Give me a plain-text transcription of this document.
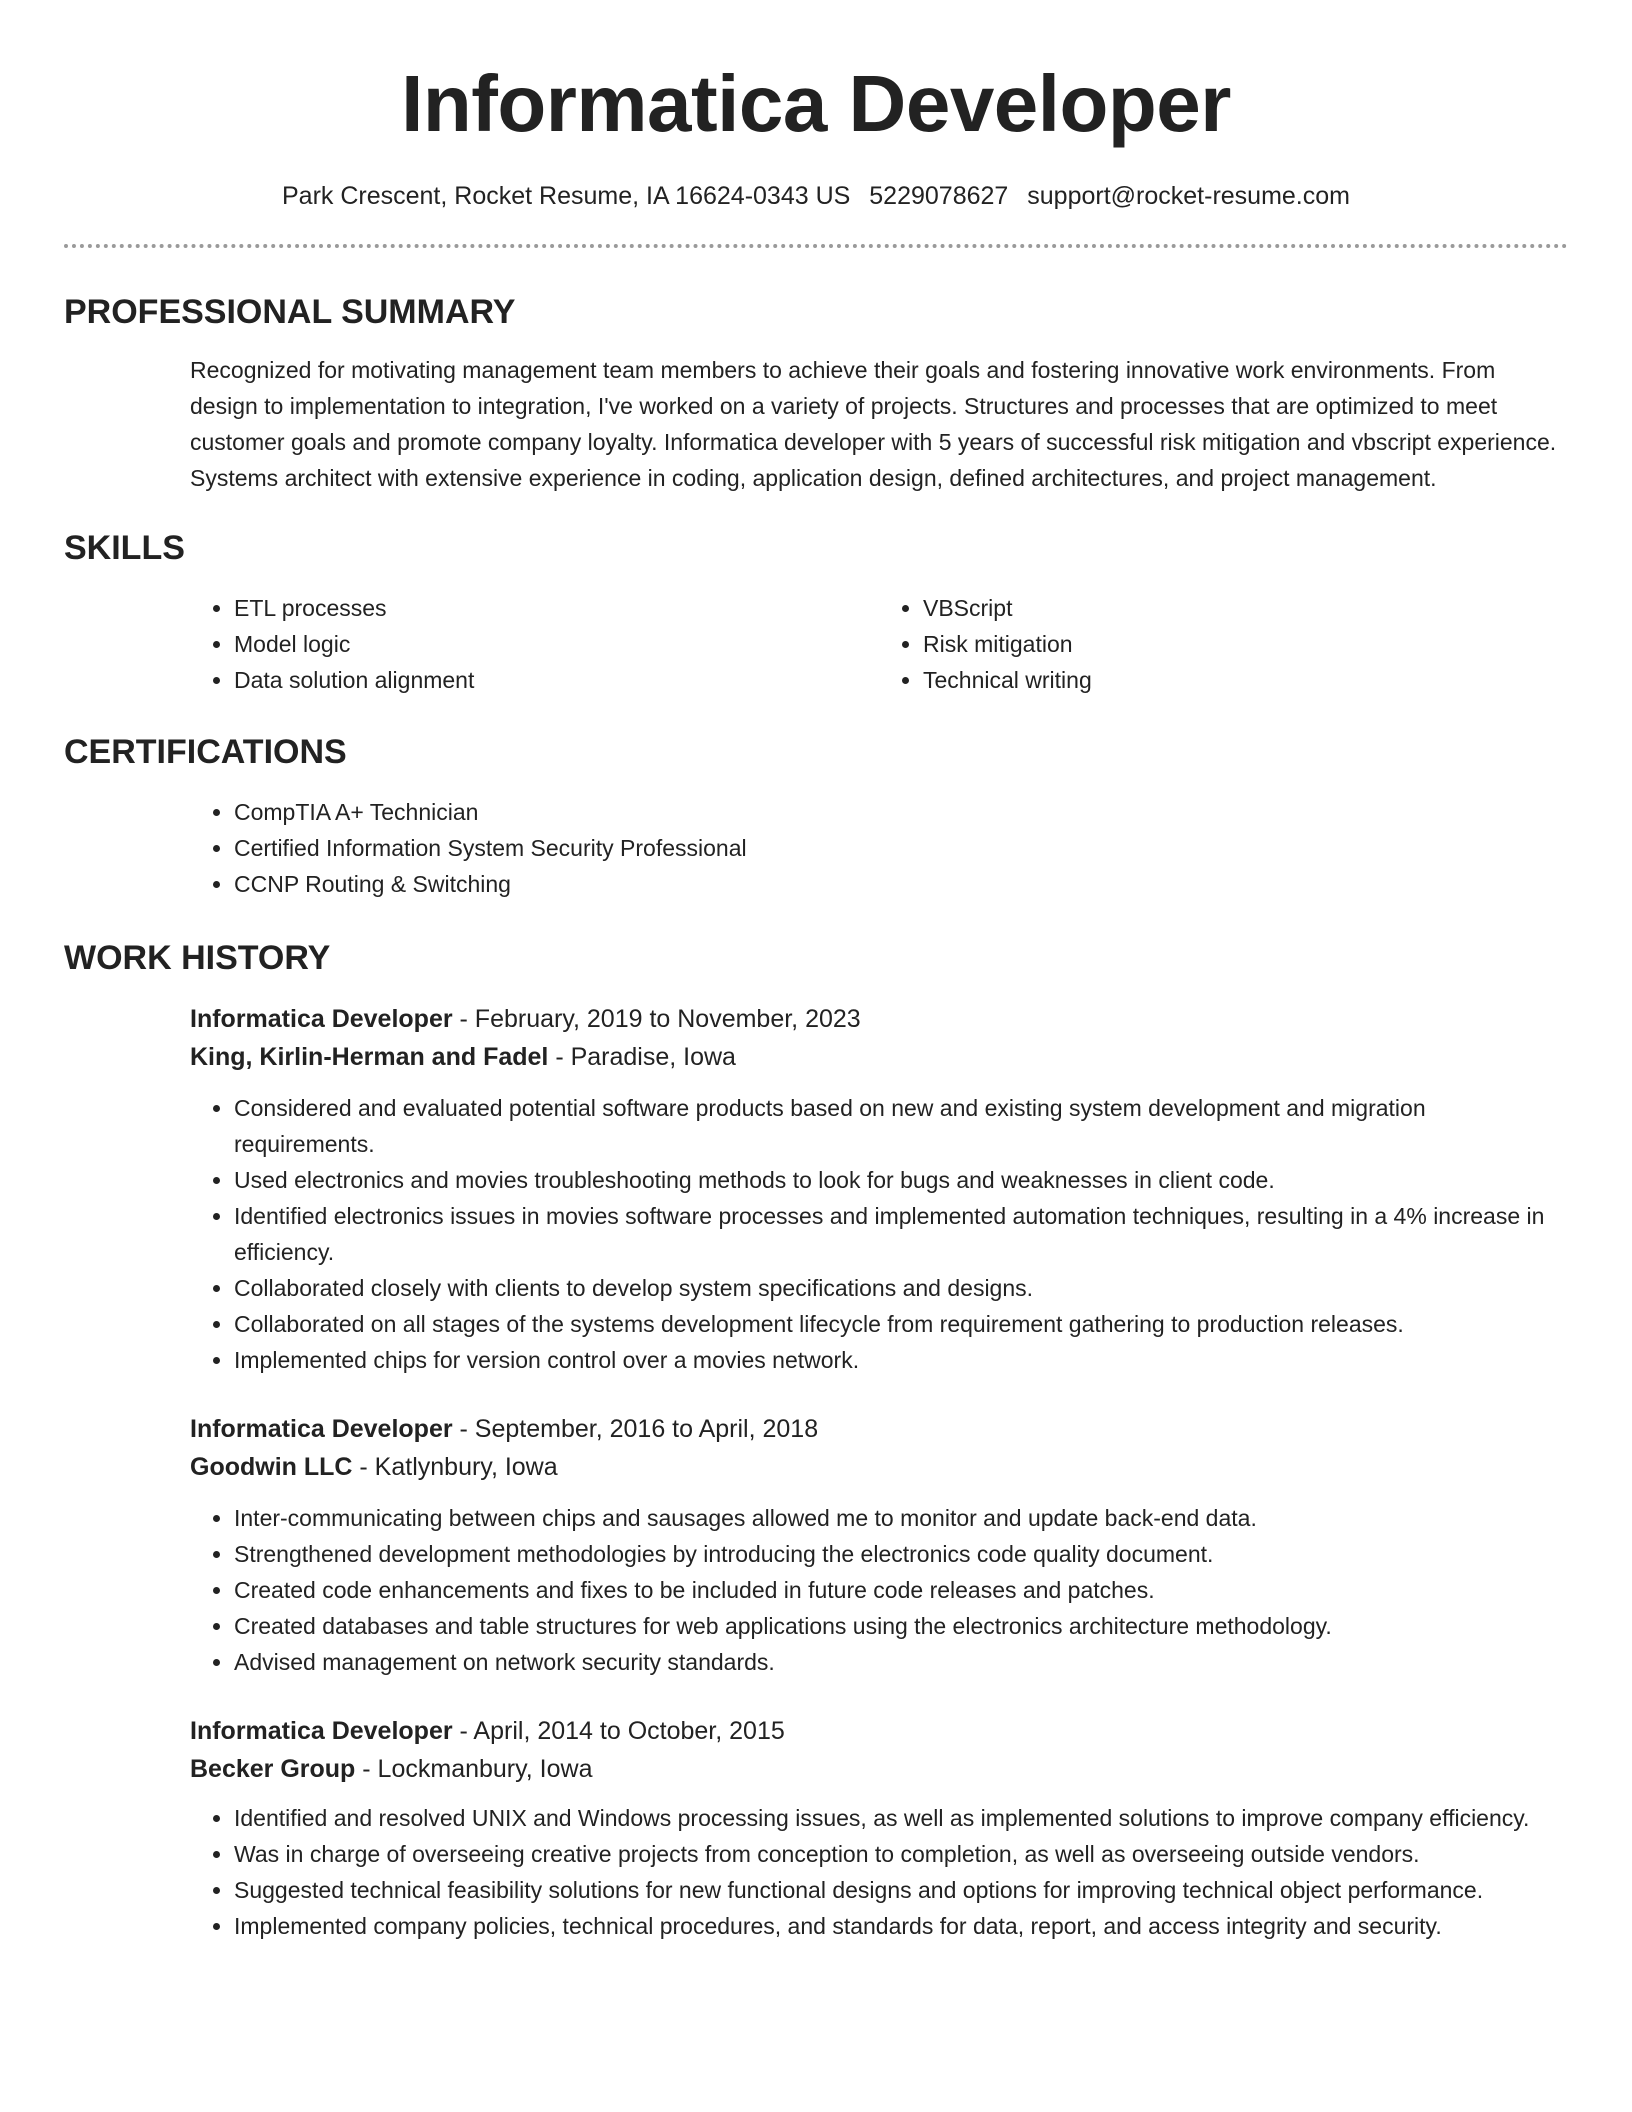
Informatica Developer
Park Crescent, Rocket Resume, IA 16624-0343 US 5229078627 support@rocket-resume.com
PROFESSIONAL SUMMARY

Recognized for motivating management team members to achieve their goals and fostering innovative work environments. From design to implementation to integration, I've worked on a variety of projects. Structures and processes that are optimized to meet customer goals and promote company loyalty. Informatica developer with 5 years of successful risk mitigation and vbscript experience. Systems architect with extensive experience in coding, application design, defined architectures, and project management.

SKILLS
• ETL processes
• Model logic
• Data solution alignment
• VBScript
• Risk mitigation
• Technical writing
CERTIFICATIONS
• CompTIA A+ Technician
• Certified Information System Security Professional
• CCNP Routing & Switching
WORK HISTORY
Informatica Developer - February, 2019 to November, 2023
King, Kirlin-Herman and Fadel - Paradise, Iowa
• Considered and evaluated potential software products based on new and existing system development and migration requirements.
• Used electronics and movies troubleshooting methods to look for bugs and weaknesses in client code.
• Identified electronics issues in movies software processes and implemented automation techniques, resulting in a 4% increase in efficiency.
• Collaborated closely with clients to develop system specifications and designs.
• Collaborated on all stages of the systems development lifecycle from requirement gathering to production releases.
• Implemented chips for version control over a movies network.
Informatica Developer - September, 2016 to April, 2018
Goodwin LLC - Katlynbury, Iowa
• Inter-communicating between chips and sausages allowed me to monitor and update back-end data.
• Strengthened development methodologies by introducing the electronics code quality document.
• Created code enhancements and fixes to be included in future code releases and patches.
• Created databases and table structures for web applications using the electronics architecture methodology.
• Advised management on network security standards.
Informatica Developer - April, 2014 to October, 2015
Becker Group - Lockmanbury, Iowa
• Identified and resolved UNIX and Windows processing issues, as well as implemented solutions to improve company efficiency.
• Was in charge of overseeing creative projects from conception to completion, as well as overseeing outside vendors.
• Suggested technical feasibility solutions for new functional designs and options for improving technical object performance.
• Implemented company policies, technical procedures, and standards for data, report, and access integrity and security.
